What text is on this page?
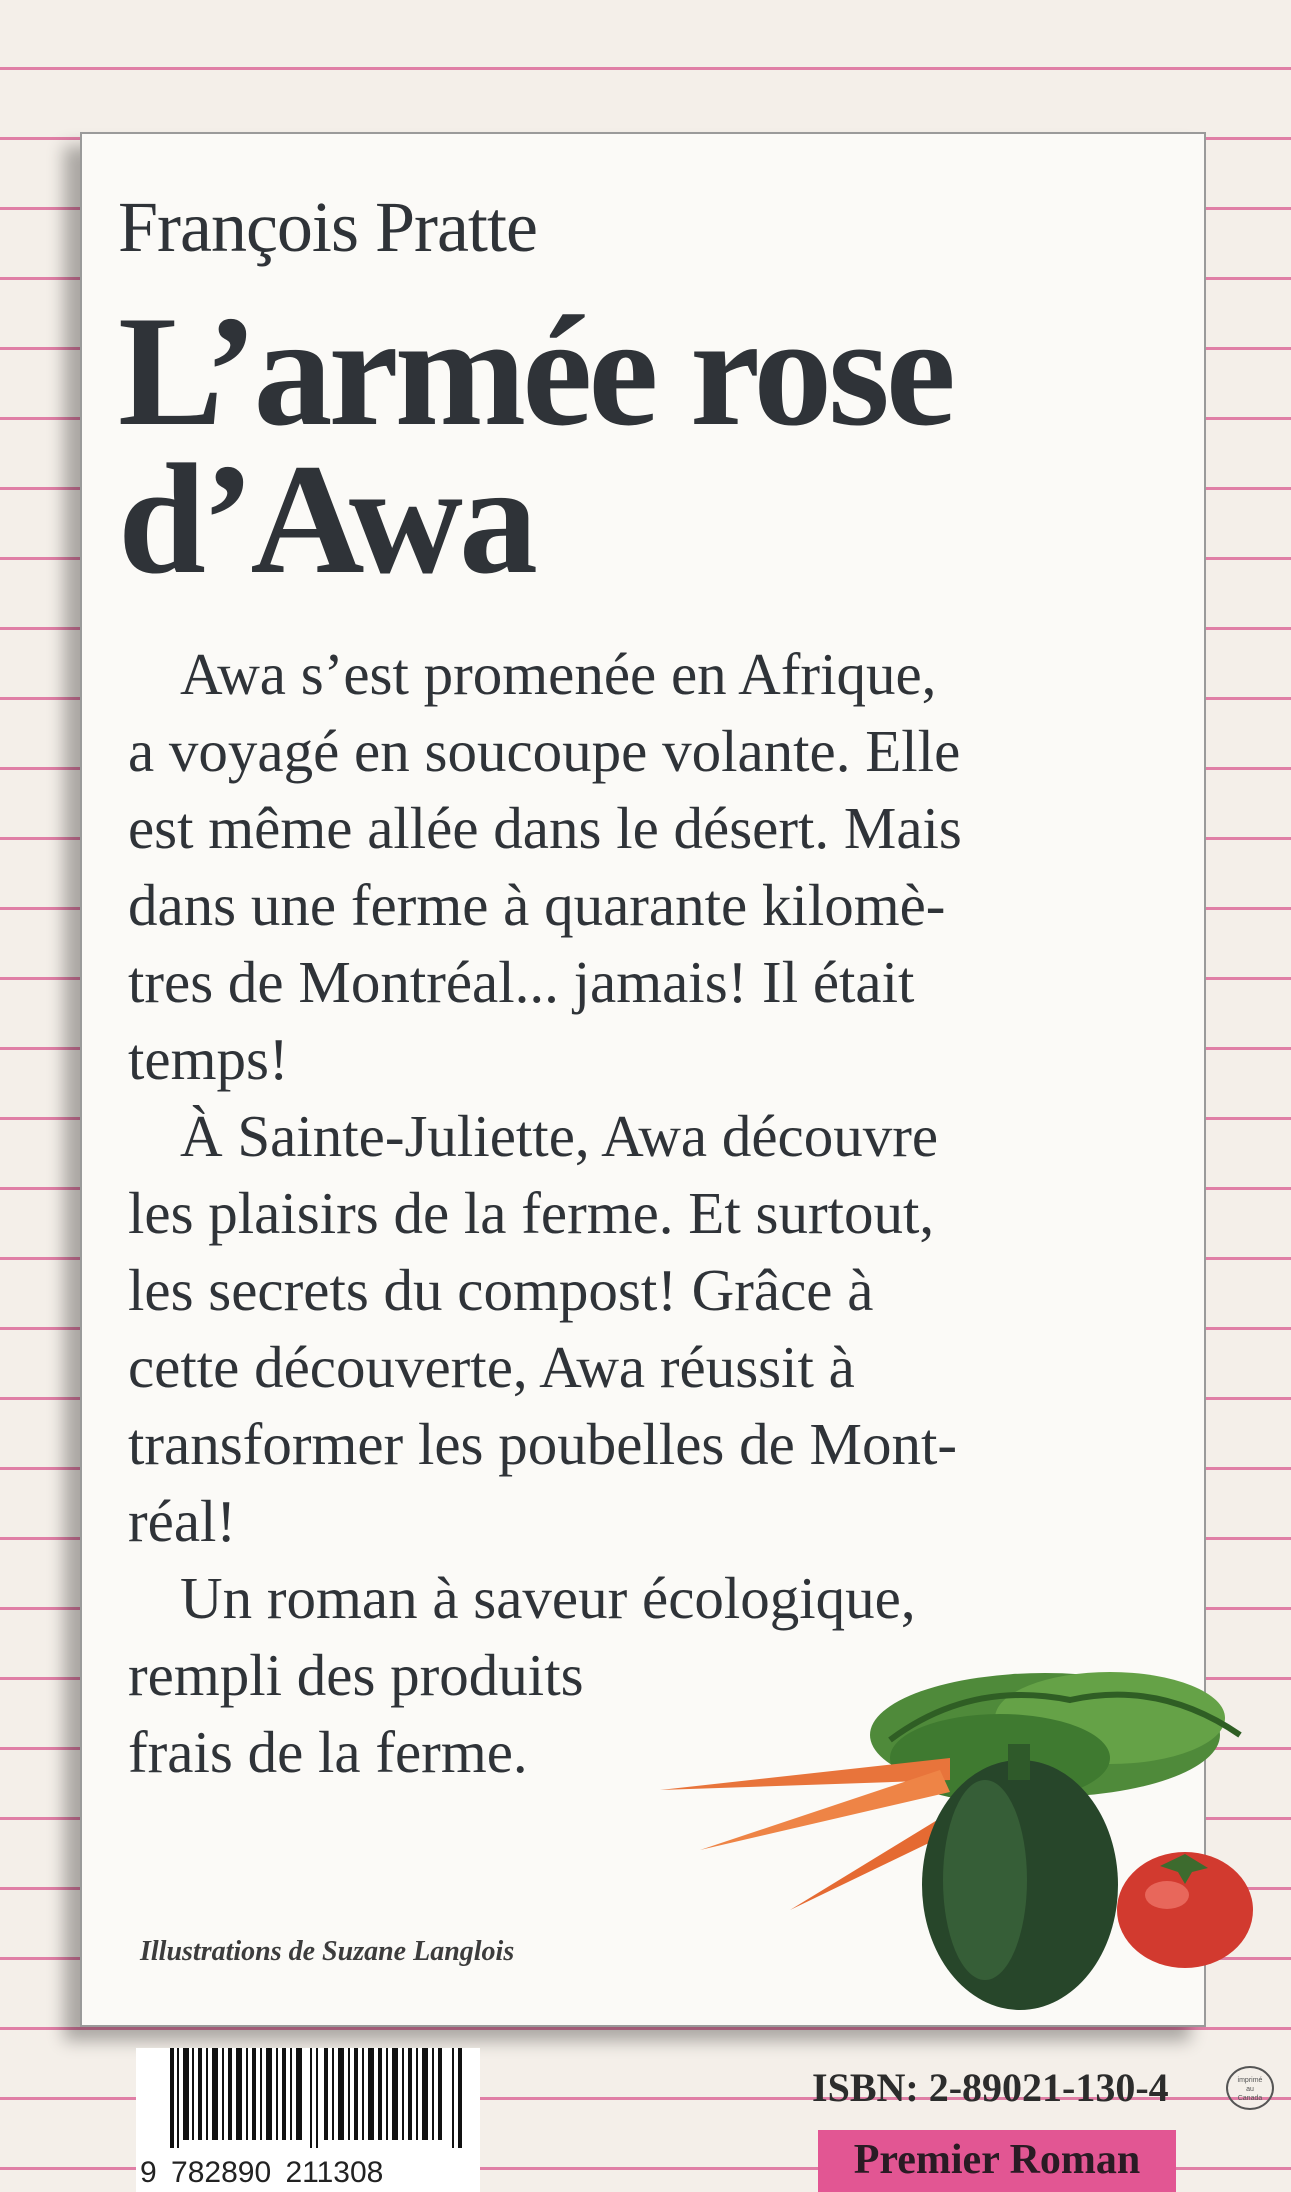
François Pratte
L’armée rose
d’Awa
Awa s’est promenée en Afrique,
a voyagé en soucoupe volante. Elle
est même allée dans le désert. Mais
dans une ferme à quarante kilomè-
tres de Montréal... jamais! Il était
temps!
À Sainte-Juliette, Awa découvre
les plaisirs de la ferme. Et surtout,
les secrets du compost! Grâce à
cette découverte, Awa réussit à
transformer les poubelles de Mont-
réal!
Un roman à saveur écologique,
rempli des produits
frais de la ferme.
Illustrations de Suzane Langlois
9 782890 211308
ISBN: 2-89021-130-4	imprimé
au
Canada
Premier Roman
